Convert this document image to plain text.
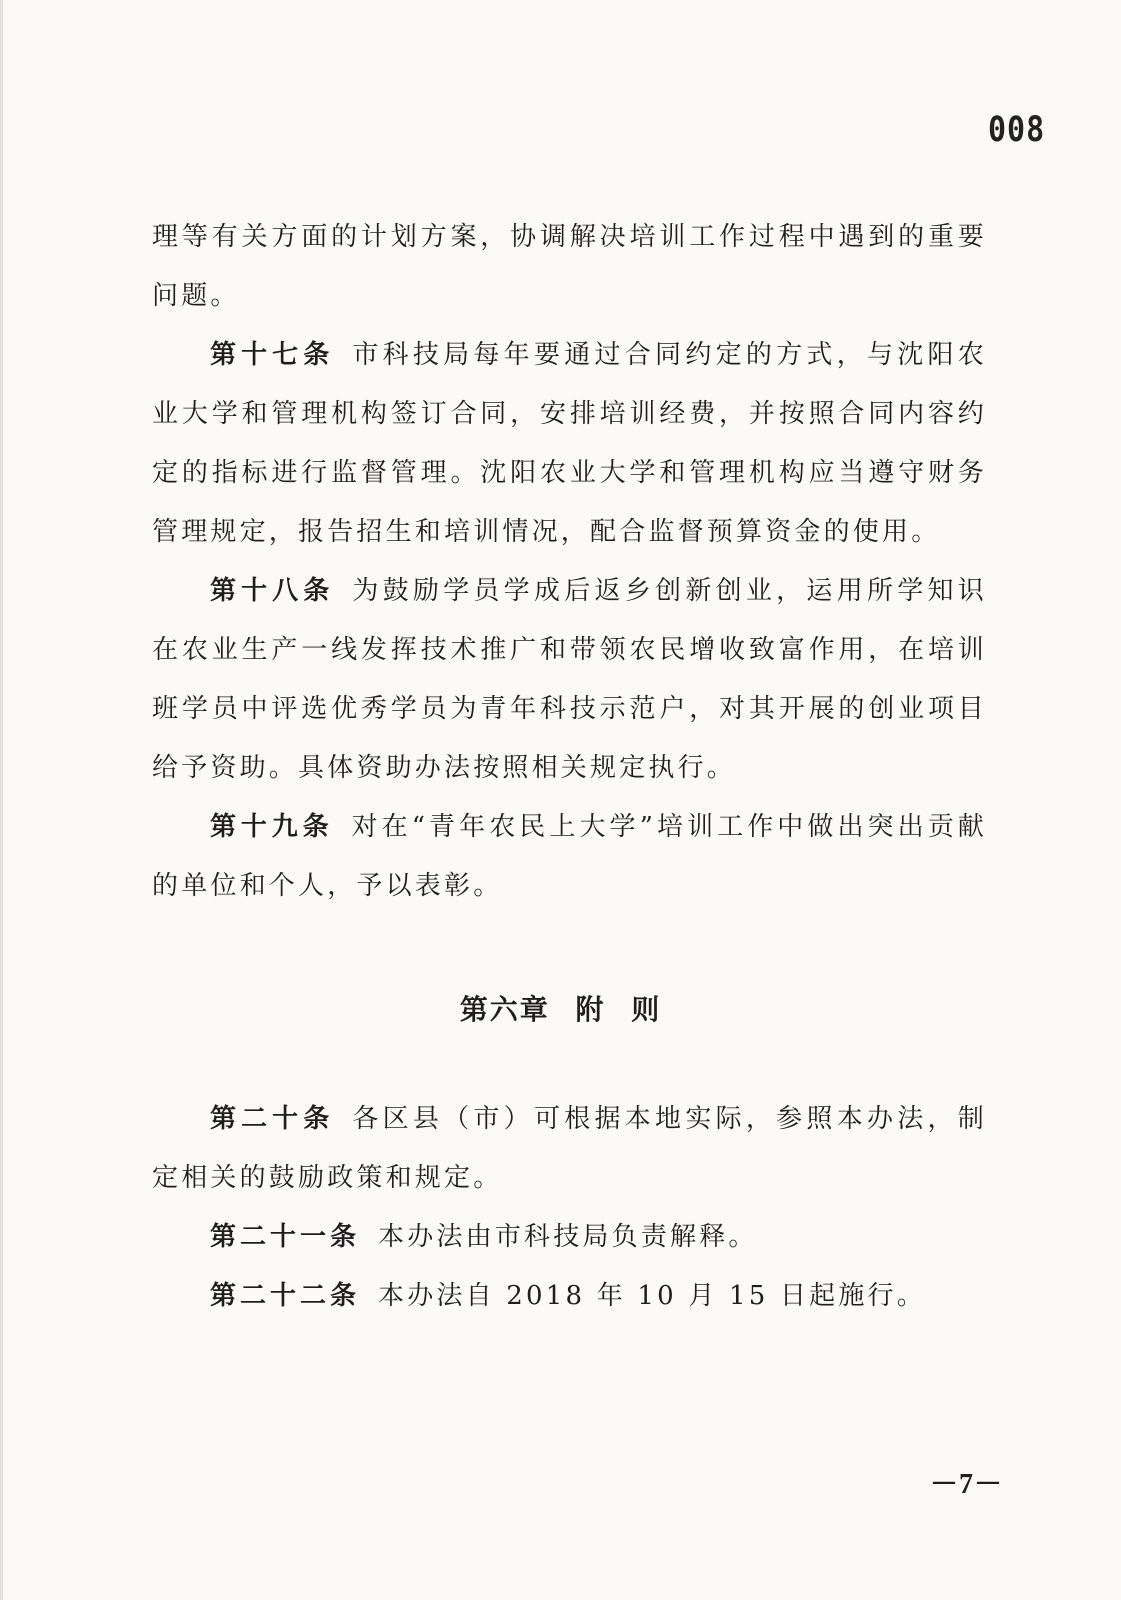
008

理等有关方面的计划方案，协调解决培训工作过程中遇到的重要问题。

第十七条 市科技局每年要通过合同约定的方式，与沈阳农业大学和管理机构签订合同，安排培训经费，并按照合同内容约定的指标进行监督管理。沈阳农业大学和管理机构应当遵守财务管理规定，报告招生和培训情况，配合监督预算资金的使用。

第十八条 为鼓励学员学成后返乡创新创业，运用所学知识在农业生产一线发挥技术推广和带领农民增收致富作用，在培训班学员中评选优秀学员为青年科技示范户，对其开展的创业项目给予资助。具体资助办法按照相关规定执行。

第十九条 对在“青年农民上大学”培训工作中做出突出贡献的单位和个人，予以表彰。

第六章 附 则

第二十条 各区县（市）可根据本地实际，参照本办法，制定相关的鼓励政策和规定。

第二十一条 本办法由市科技局负责解释。

第二十二条 本办法自 2018 年 10 月 15 日起施行。

－7－
